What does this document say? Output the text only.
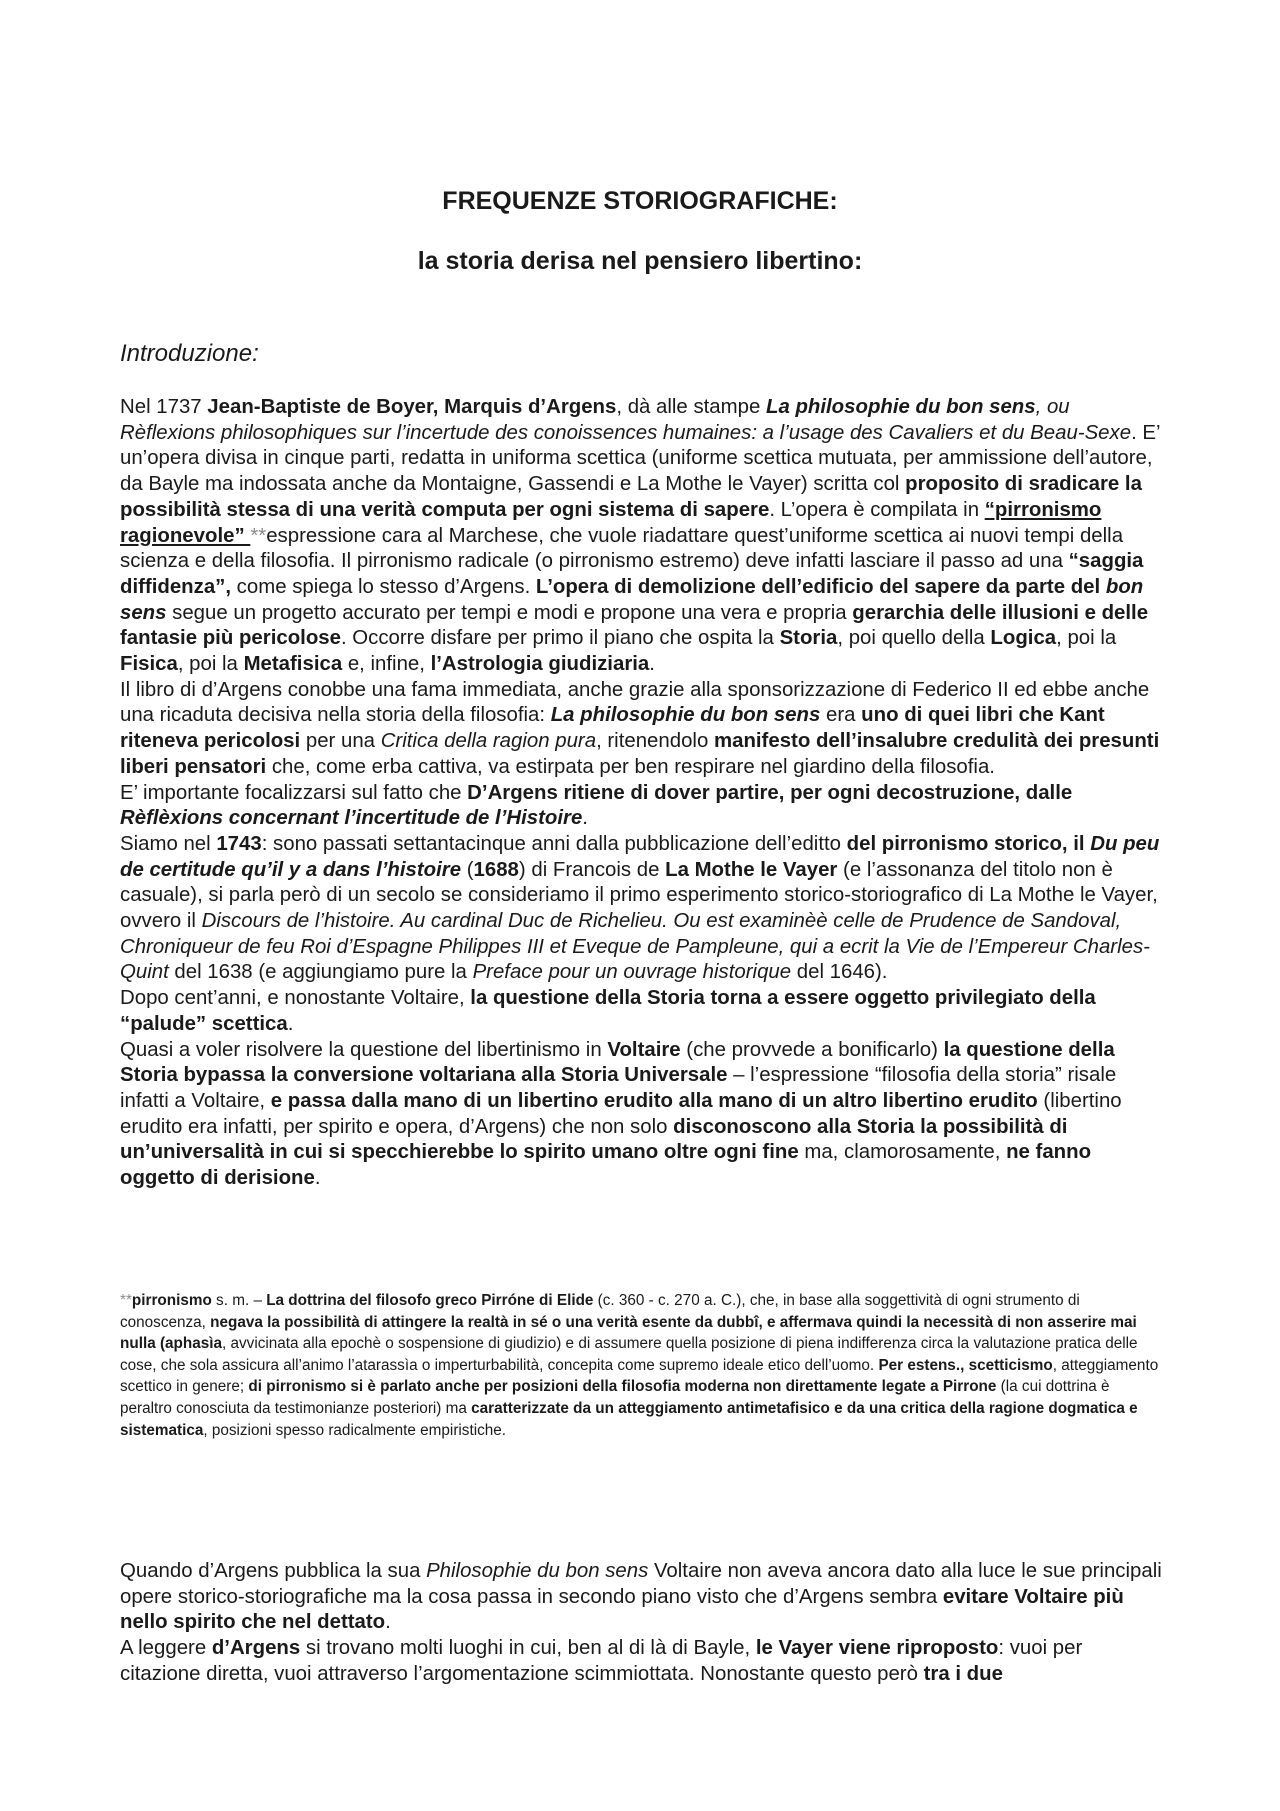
FREQUENZE STORIOGRAFICHE:
la storia derisa nel pensiero libertino:
Introduzione:

Nel 1737 Jean-Baptiste de Boyer, Marquis d’Argens, dà alle stampe La philosophie du bon sens, ou Rèflexions philosophiques sur l’incertude des conoissences humaines: a l’usage des Cavaliers et du Beau-Sexe. E’ un’opera divisa in cinque parti, redatta in uniforma scettica (uniforme scettica mutuata, per ammissione dell’autore, da Bayle ma indossata anche da Montaigne, Gassendi e La Mothe le Vayer) scritta col proposito di sradicare la possibilità stessa di una verità computa per ogni sistema di sapere. L’opera è compilata in “pirronismo ragionevole” **espressione cara al Marchese, che vuole riadattare quest’uniforme scettica ai nuovi tempi della scienza e della filosofia. Il pirronismo radicale (o pirronismo estremo) deve infatti lasciare il passo ad una “saggia diffidenza”, come spiega lo stesso d’Argens. L’opera di demolizione dell’edificio del sapere da parte del bon sens segue un progetto accurato per tempi e modi e propone una vera e propria gerarchia delle illusioni e delle fantasie più pericolose. Occorre disfare per primo il piano che ospita la Storia, poi quello della Logica, poi la Fisica, poi la Metafisica e, infine, l’Astrologia giudiziaria.

Il libro di d’Argens conobbe una fama immediata, anche grazie alla sponsorizzazione di Federico II ed ebbe anche una ricaduta decisiva nella storia della filosofia: La philosophie du bon sens era uno di quei libri che Kant riteneva pericolosi per una Critica della ragion pura, ritenendolo manifesto dell’insalubre credulità dei presunti liberi pensatori che, come erba cattiva, va estirpata per ben respirare nel giardino della filosofia.

E’ importante focalizzarsi sul fatto che D’Argens ritiene di dover partire, per ogni decostruzione, dalle Rèflèxions concernant l’incertitude de l’Histoire.

Siamo nel 1743: sono passati settantacinque anni dalla pubblicazione dell’editto del pirronismo storico, il Du peu de certitude qu’il y a dans l’histoire (1688) di Francois de La Mothe le Vayer (e l’assonanza del titolo non è casuale), si parla però di un secolo se consideriamo il primo esperimento storico-storiografico di La Mothe le Vayer, ovvero il Discours de l’histoire. Au cardinal Duc de Richelieu. Ou est examinèè celle de Prudence de Sandoval, Chroniqueur de feu Roi d’Espagne Philippes III et Eveque de Pampleune, qui a ecrit la Vie de l’Empereur Charles-Quint del 1638 (e aggiungiamo pure la Preface pour un ouvrage historique del 1646).

Dopo cent’anni, e nonostante Voltaire, la questione della Storia torna a essere oggetto privilegiato della “palude” scettica.

Quasi a voler risolvere la questione del libertinismo in Voltaire (che provvede a bonificarlo) la questione della Storia bypassa la conversione voltariana alla Storia Universale – l’espressione “filosofia della storia” risale infatti a Voltaire, e passa dalla mano di un libertino erudito alla mano di un altro libertino erudito (libertino erudito era infatti, per spirito e opera, d’Argens) che non solo disconoscono alla Storia la possibilità di un’universalità in cui si specchierebbe lo spirito umano oltre ogni fine ma, clamorosamente, ne fanno oggetto di derisione.

**pirronismo s. m. – La dottrina del filosofo greco Pirróne di Elide (c. 360 - c. 270 a. C.), che, in base alla soggettività di ogni strumento di conoscenza, negava la possibilità di attingere la realtà in sé o una verità esente da dubbî, e affermava quindi la necessità di non asserire mai nulla (aphasìa, avvicinata alla epochè o sospensione di giudizio) e di assumere quella posizione di piena indifferenza circa la valutazione pratica delle cose, che sola assicura all’animo l’atarassìa o imperturbabilità, concepita come supremo ideale etico dell’uomo. Per estens., scetticismo, atteggiamento scettico in genere; di pirronismo si è parlato anche per posizioni della filosofia moderna non direttamente legate a Pirrone (la cui dottrina è peraltro conosciuta da testimonianze posteriori) ma caratterizzate da un atteggiamento antimetafisico e da una critica della ragione dogmatica e sistematica, posizioni spesso radicalmente empiristiche.

Quando d’Argens pubblica la sua Philosophie du bon sens Voltaire non aveva ancora dato alla luce le sue principali opere storico-storiografiche ma la cosa passa in secondo piano visto che d’Argens sembra evitare Voltaire più nello spirito che nel dettato.

A leggere d’Argens si trovano molti luoghi in cui, ben al di là di Bayle, le Vayer viene riproposto: vuoi per citazione diretta, vuoi attraverso l’argomentazione scimmiottata. Nonostante questo però tra i due
